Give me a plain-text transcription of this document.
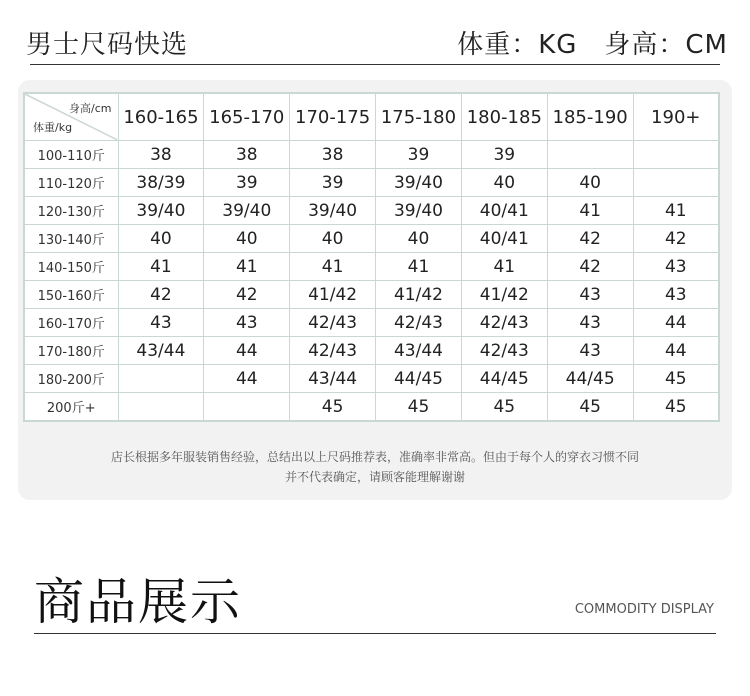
男士尺码快选	体重：KG　身高：CM
身高/cm
体重/kg	160-165	165-170	170-175	175-180	180-185	185-190	190+
100-110斤	38	38	38	39	39		
110-120斤	38/39	39	39	39/40	40	40	
120-130斤	39/40	39/40	39/40	39/40	40/41	41	41
130-140斤	40	40	40	40	40/41	42	42
140-150斤	41	41	41	41	41	42	43
150-160斤	42	42	41/42	41/42	41/42	43	43
160-170斤	43	43	42/43	42/43	42/43	43	44
170-180斤	43/44	44	42/43	43/44	42/43	43	44
180-200斤		44	43/44	44/45	44/45	44/45	45
200斤+			45	45	45	45	45
店长根据多年服装销售经验，总结出以上尺码推荐表，准确率非常高。但由于每个人的穿衣习惯不同
并不代表确定，请顾客能理解谢谢
商品展示	COMMODITY DISPLAY
